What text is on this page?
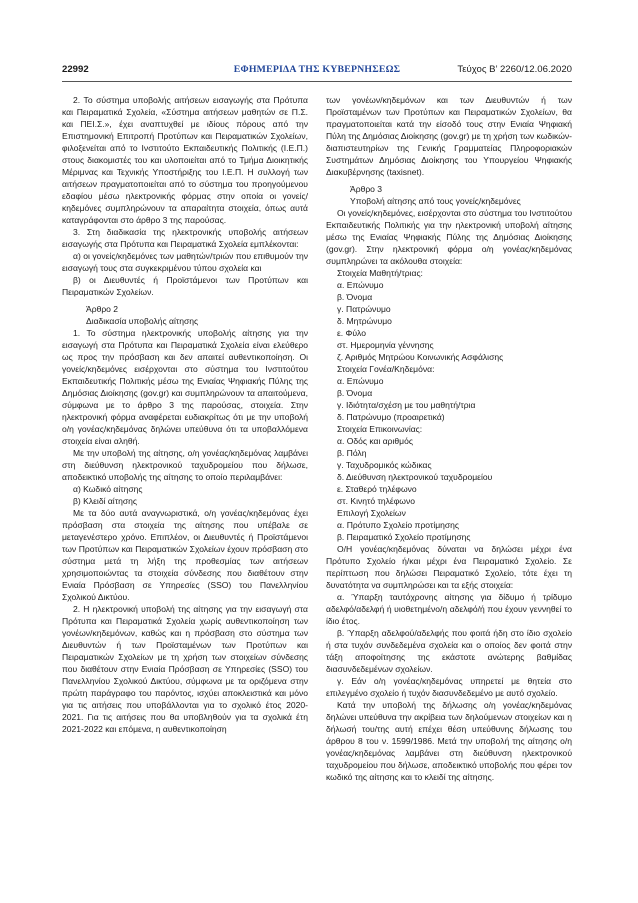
22992	ΕΦΗΜΕΡΙΔΑ ΤΗΣ ΚΥΒΕΡΝΗΣΕΩΣ	Τεύχος B’ 2260/12.06.2020

2. Το σύστημα υποβολής αιτήσεων εισαγωγής στα Πρότυπα και Πειραματικά Σχολεία, «Σύστημα αιτήσεων μαθητών σε Π.Σ. και ΠΕΙ.Σ.», έχει αναπτυχθεί με ιδίους πόρους από την Επιστημονική Επιτροπή Προτύπων και Πειραματικών Σχολείων, φιλοξενείται από το Ινστιτούτο Εκπαιδευτικής Πολιτικής (Ι.Ε.Π.) στους διακομιστές του και υλοποιείται από το Τμήμα Διοικητικής Μέριμνας και Τεχνικής Υποστήριξης του Ι.Ε.Π. Η συλλογή των αιτήσεων πραγματοποιείται από το σύστημα του προηγούμενου εδαφίου μέσω ηλεκτρονικής φόρμας στην οποία οι γονείς/κηδεμόνες συμπληρώνουν τα απαραίτητα στοιχεία, όπως αυτά καταγράφονται στο άρθρο 3 της παρούσας.

3. Στη διαδικασία της ηλεκτρονικής υποβολής αιτήσεων εισαγωγής στα Πρότυπα και Πειραματικά Σχολεία εμπλέκονται:

α) οι γονείς/κηδεμόνες των μαθητών/τριών που επιθυμούν την εισαγωγή τους στα συγκεκριμένου τύπου σχολεία και

β) οι Διευθυντές ή Προϊστάμενοι των Προτύπων και Πειραματικών Σχολείων.

Άρθρο 2

Διαδικασία υποβολής αίτησης

1. Το σύστημα ηλεκτρονικής υποβολής αίτησης για την εισαγωγή στα Πρότυπα και Πειραματικά Σχολεία είναι ελεύθερο ως προς την πρόσβαση και δεν απαιτεί αυθεντικοποίηση. Οι γονείς/κηδεμόνες εισέρχονται στο σύστημα του Ινστιτούτου Εκπαιδευτικής Πολιτικής μέσω της Ενιαίας Ψηφιακής Πύλης της Δημόσιας Διοίκησης (gov.gr) και συμπληρώνουν τα απαιτούμενα, σύμφωνα με το άρθρο 3 της παρούσας, στοιχεία. Στην ηλεκτρονική φόρμα αναφέρεται ευδιακρίτως ότι με την υποβολή ο/η γονέας/κηδεμόνας δηλώνει υπεύθυνα ότι τα υποβαλλόμενα στοιχεία είναι αληθή.

Με την υποβολή της αίτησης, ο/η γονέας/κηδεμόνας λαμβάνει στη διεύθυνση ηλεκτρονικού ταχυδρομείου που δήλωσε, αποδεικτικό υποβολής της αίτησης το οποίο περιλαμβάνει:

α) Κωδικό αίτησης

β) Κλειδί αίτησης

Με τα δύο αυτά αναγνωριστικά, ο/η γονέας/κηδεμόνας έχει πρόσβαση στα στοιχεία της αίτησης που υπέβαλε σε μεταγενέστερο χρόνο. Επιπλέον, οι Διευθυντές ή Προϊστάμενοι των Προτύπων και Πειραματικών Σχολείων έχουν πρόσβαση στο σύστημα μετά τη λήξη της προθεσμίας των αιτήσεων χρησιμοποιώντας τα στοιχεία σύνδεσης που διαθέτουν στην Ενιαία Πρόσβαση σε Υπηρεσίες (SSO) του Πανελληνίου Σχολικού Δικτύου.

2. Η ηλεκτρονική υποβολή της αίτησης για την εισαγωγή στα Πρότυπα και Πειραματικά Σχολεία χωρίς αυθεντικοποίηση των γονέων/κηδεμόνων, καθώς και η πρόσβαση στο σύστημα των Διευθυντών ή των Προϊσταμένων των Προτύπων και Πειραματικών Σχολείων με τη χρήση των στοιχείων σύνδεσης που διαθέτουν στην Ενιαία Πρόσβαση σε Υπηρεσίες (SSO) του Πανελληνίου Σχολικού Δικτύου, σύμφωνα με τα οριζόμενα στην πρώτη παράγραφο του παρόντος, ισχύει αποκλειστικά και μόνο για τις αιτήσεις που υποβάλλονται για το σχολικό έτος 2020-2021. Για τις αιτήσεις που θα υποβληθούν για τα σχολικά έτη 2021-2022 και επόμενα, η αυθεντικοποίηση

των γονέων/κηδεμόνων και των Διευθυντών ή των Προϊσταμένων των Προτύπων και Πειραματικών Σχολείων, θα πραγματοποιείται κατά την είσοδό τους στην Ενιαία Ψηφιακή Πύλη της Δημόσιας Διοίκησης (gov.gr) με τη χρήση των κωδικών-διαπιστευτηρίων της Γενικής Γραμματείας Πληροφοριακών Συστημάτων Δημόσιας Διοίκησης του Υπουργείου Ψηφιακής Διακυβέρνησης (taxisnet).

Άρθρο 3

Υποβολή αίτησης από τους γονείς/κηδεμόνες

Οι γονείς/κηδεμόνες, εισέρχονται στο σύστημα του Ινστιτούτου Εκπαιδευτικής Πολιτικής για την ηλεκτρονική υποβολή αίτησης μέσω της Ενιαίας Ψηφιακής Πύλης της Δημόσιας Διοίκησης (gov.gr). Στην ηλεκτρονική φόρμα ο/η γονέας/κηδεμόνας συμπληρώνει τα ακόλουθα στοιχεία:

Στοιχεία Μαθητή/τριας:

α. Επώνυμο

β. Όνομα

γ. Πατρώνυμο

δ. Μητρώνυμο

ε. Φύλο

στ. Ημερομηνία γέννησης

ζ. Αριθμός Μητρώου Κοινωνικής Ασφάλισης

Στοιχεία Γονέα/Κηδεμόνα:

α. Επώνυμο

β. Όνομα

γ. Ιδιότητα/σχέση με του μαθητή/τρια

δ. Πατρώνυμο (προαιρετικά)

Στοιχεία Επικοινωνίας:

α. Οδός και αριθμός

β. Πόλη

γ. Ταχυδρομικός κώδικας

δ. Διεύθυνση ηλεκτρονικού ταχυδρομείου

ε. Σταθερό τηλέφωνο

στ. Κινητό τηλέφωνο

Επιλογή Σχολείων

α. Πρότυπο Σχολείο προτίμησης

β. Πειραματικό Σχολείο προτίμησης

Ο/Η γονέας/κηδεμόνας δύναται να δηλώσει μέχρι ένα Πρότυπο Σχολείο ή/και μέχρι ένα Πειραματικό Σχολείο. Σε περίπτωση που δηλώσει Πειραματικό Σχολείο, τότε έχει τη δυνατότητα να συμπληρώσει και τα εξής στοιχεία:

α. Ύπαρξη ταυτόχρονης αίτησης για δίδυμο ή τρίδυμο αδελφό/αδελφή ή υιοθετημένο/η αδελφό/ή που έχουν γεννηθεί το ίδιο έτος.

β. Ύπαρξη αδελφού/αδελφής που φοιτά ήδη στο ίδιο σχολείο ή στα τυχόν συνδεδεμένα σχολεία και ο οποίος δεν φοιτά στην τάξη αποφοίτησης της εκάστοτε ανώτερης βαθμίδας διασυνδεδεμένων σχολείων.

γ. Εάν ο/η γονέας/κηδεμόνας υπηρετεί με θητεία στο επιλεγμένο σχολείο ή τυχόν διασυνδεδεμένο με αυτό σχολείο.

Κατά την υποβολή της δήλωσης ο/η γονέας/κηδεμόνας δηλώνει υπεύθυνα την ακρίβεια των δηλούμενων στοιχείων και η δήλωσή του/της αυτή επέχει θέση υπεύθυνης δήλωσης του άρθρου 8 του ν. 1599/1986. Μετά την υποβολή της αίτησης ο/η γονέας/κηδεμόνας λαμβάνει στη διεύθυνση ηλεκτρονικού ταχυδρομείου που δήλωσε, αποδεικτικό υποβολής που φέρει τον κωδικό της αίτησης και το κλειδί της αίτησης.
